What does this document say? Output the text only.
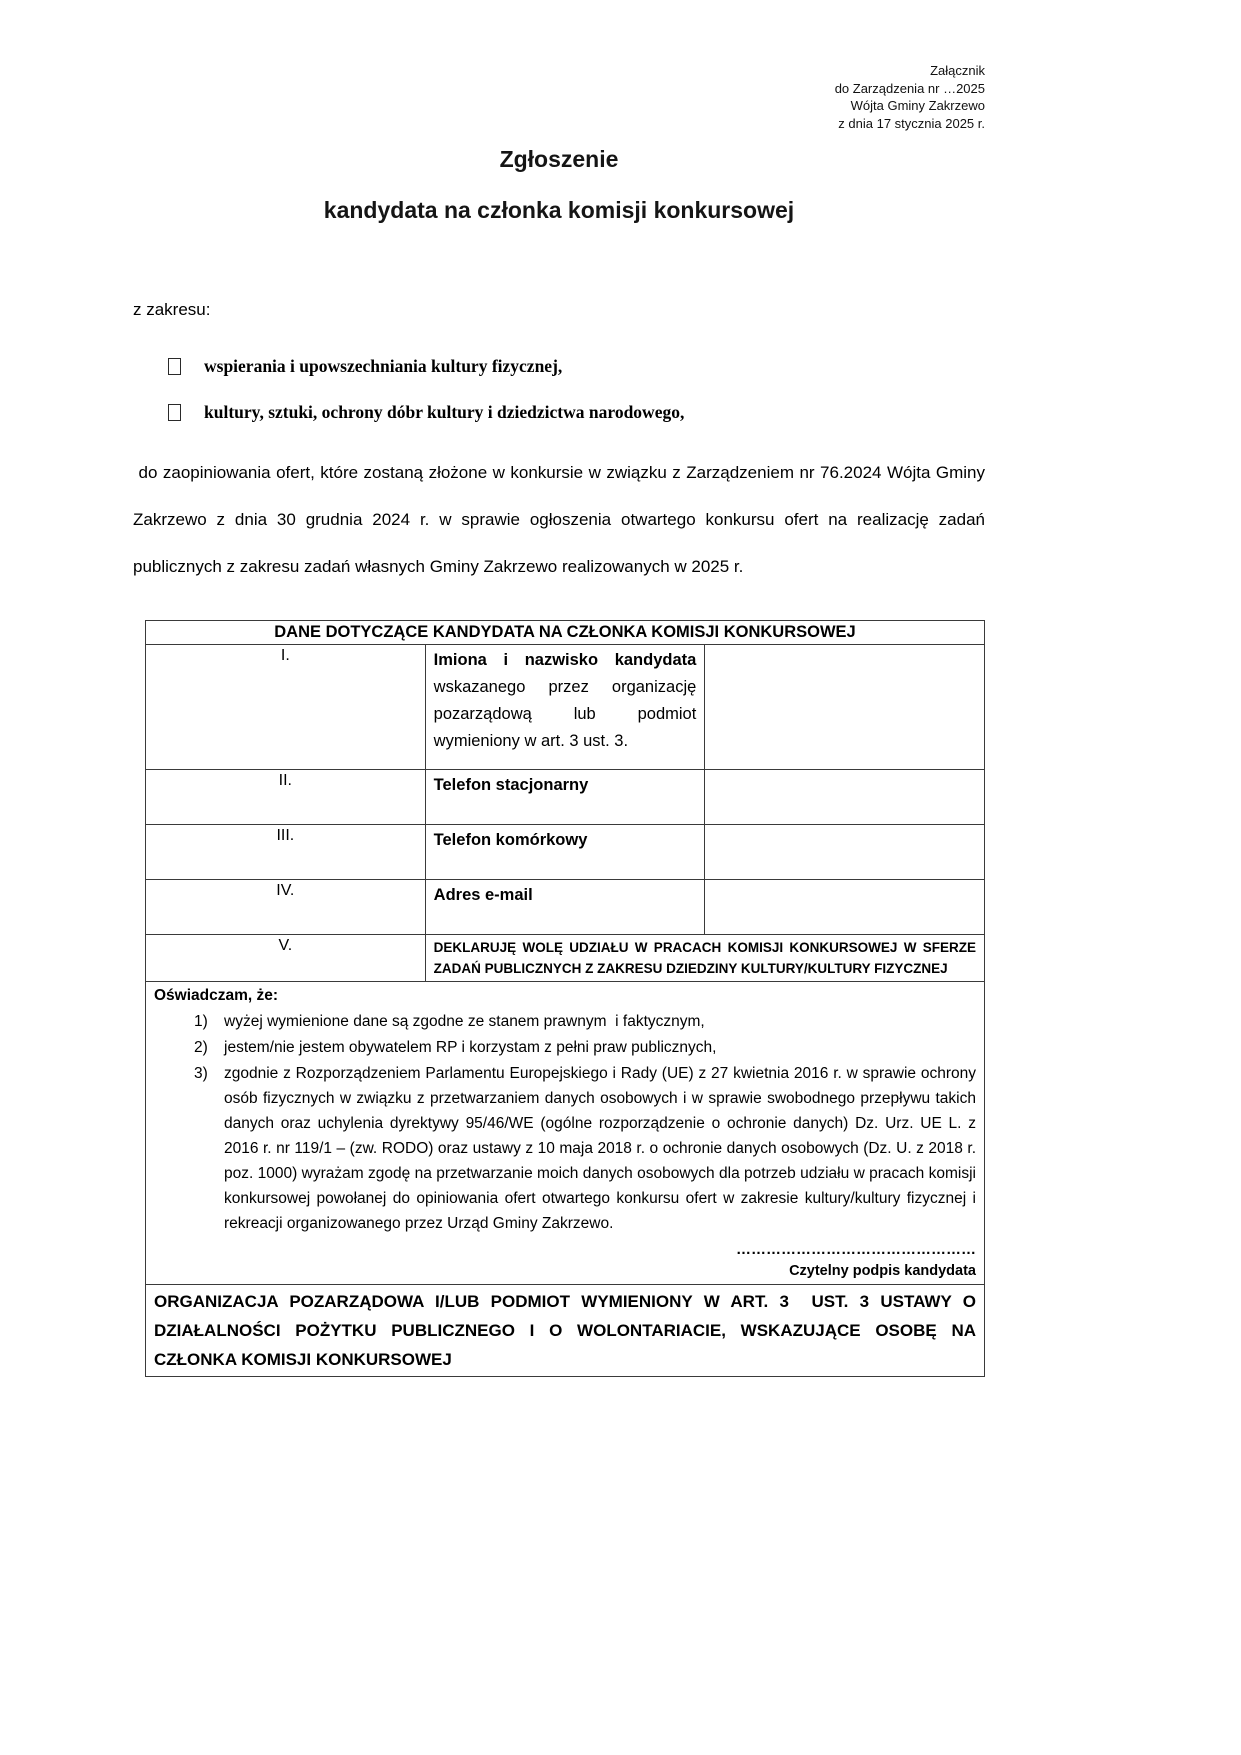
Załącznik
do Zarządzenia nr …2025
Wójta Gminy Zakrzewo
z dnia 17 stycznia 2025 r.
Zgłoszenie
kandydata na członka komisji konkursowej

z zakresu:

wspierania i upowszechniania kultury fizycznej,
kultury, sztuki, ochrony dóbr kultury i dziedzictwa narodowego,

do zaopiniowania ofert, które zostaną złożone w konkursie w związku z Zarządzeniem nr 76.2024 Wójta Gminy Zakrzewo z dnia 30 grudnia 2024 r. w sprawie ogłoszenia otwartego konkursu ofert na realizację zadań publicznych z zakresu zadań własnych Gminy Zakrzewo realizowanych w 2025 r.

DANE DOTYCZĄCE KANDYDATA NA CZŁONKA KOMISJI KONKURSOWEJ		
I.	Imiona i nazwisko kandydata wskazanego przez organizację pozarządową lub podmiot wymieniony w art. 3 ust. 3.	
II.	Telefon stacjonarny	
III.	Telefon komórkowy	
IV.	Adres e-mail	
V.	DEKLARUJĘ WOLĘ UDZIAŁU W PRACACH KOMISJI KONKURSOWEJ W SFERZE ZADAŃ PUBLICZNYCH Z ZAKRESU DZIEDZINY KULTURY/KULTURY FIZYCZNEJ	

Oświadczam, że:
1)	wyżej wymienione dane są zgodne ze stanem prawnym  i faktycznym,
2)	jestem/nie jestem obywatelem RP i korzystam z pełni praw publicznych,
3)	zgodnie z Rozporządzeniem Parlamentu Europejskiego i Rady (UE) z 27 kwietnia 2016 r. w sprawie ochrony osób fizycznych w związku z przetwarzaniem danych osobowych i w sprawie swobodnego przepływu takich danych oraz uchylenia dyrektywy 95/46/WE (ogólne rozporządzenie o ochronie danych) Dz. Urz. UE L. z 2016 r. nr 119/1 – (zw. RODO) oraz ustawy z 10 maja 2018 r. o ochronie danych osobowych (Dz. U. z 2018 r. poz. 1000) wyrażam zgodę na przetwarzanie moich danych osobowych dla potrzeb udziału w pracach komisji konkursowej powołanej do opiniowania ofert otwartego konkursu ofert w zakresie kultury/kultury fizycznej i rekreacji organizowanego przez Urząd Gminy Zakrzewo.
…………………………………………
Czytelny podpis kandydata

ORGANIZACJA POZARZĄDOWA I/LUB PODMIOT WYMIENIONY W ART. 3  UST. 3 USTAWY O DZIAŁALNOŚCI POŻYTKU PUBLICZNEGO I O WOLONTARIACIE, WSKAZUJĄCE OSOBĘ NA CZŁONKA KOMISJI KONKURSOWEJ		
